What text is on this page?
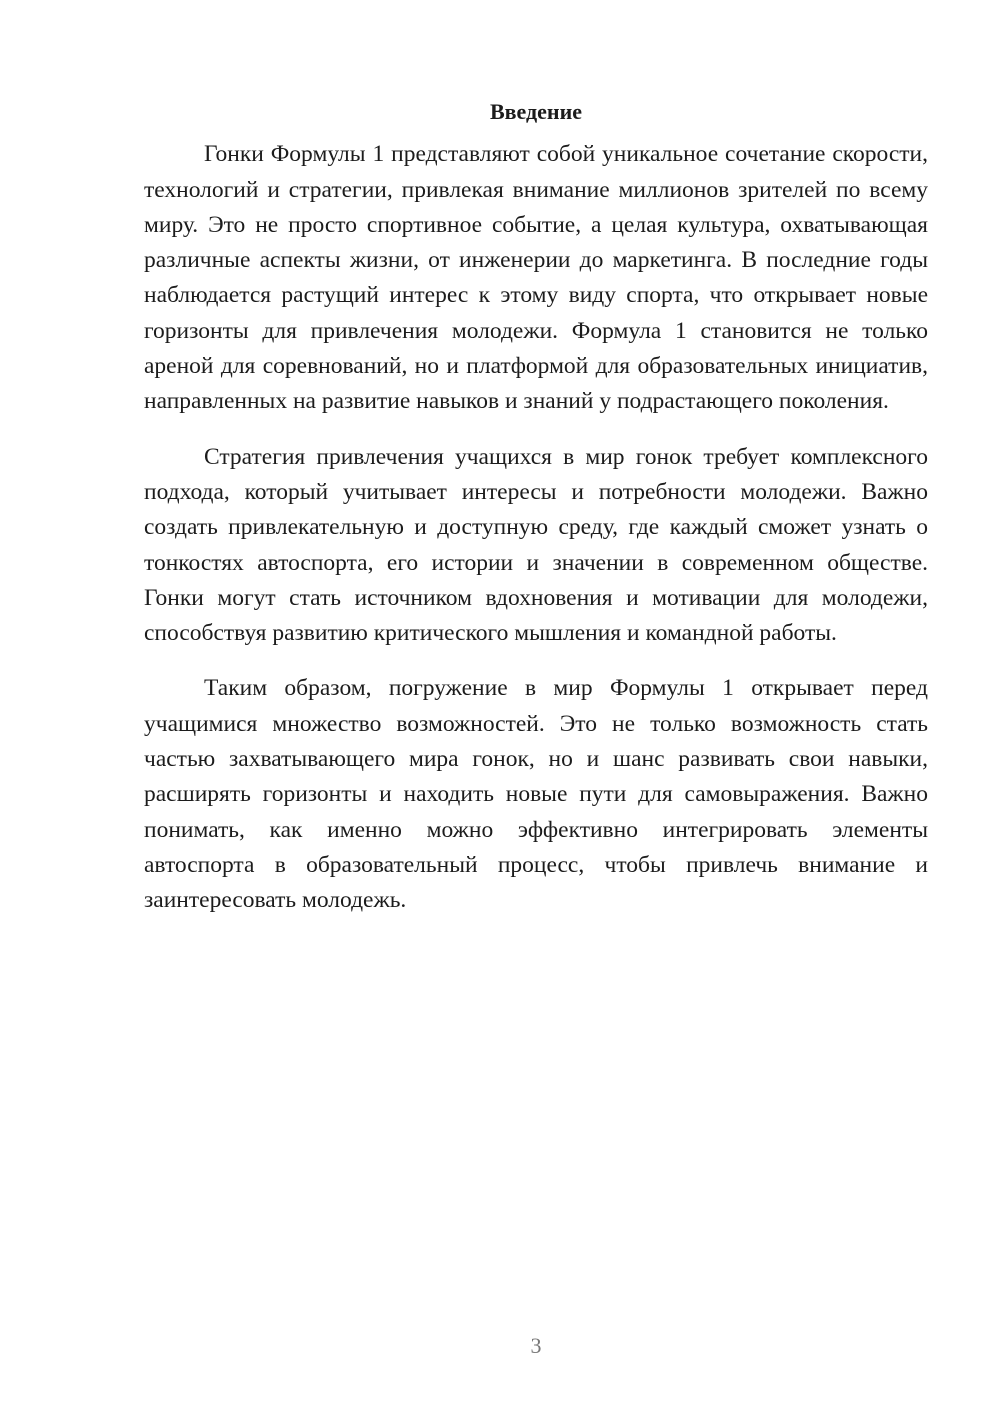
Введение

Гонки Формулы 1 представляют собой уникальное сочетание скорости, технологий и стратегии, привлекая внимание миллионов зрителей по всему миру. Это не просто спортивное событие, а целая культура, охватывающая различные аспекты жизни, от инженерии до маркетинга. В последние годы наблюдается растущий интерес к этому виду спорта, что открывает новые горизонты для привлечения молодежи. Формула 1 становится не только ареной для соревнований, но и платформой для образовательных инициатив, направленных на развитие навыков и знаний у подрастающего поколения.

Стратегия привлечения учащихся в мир гонок требует комплексного подхода, который учитывает интересы и потребности молодежи. Важно создать привлекательную и доступную среду, где каждый сможет узнать о тонкостях автоспорта, его истории и значении в современном обществе. Гонки могут стать источником вдохновения и мотивации для молодежи, способствуя развитию критического мышления и командной работы.

Таким образом, погружение в мир Формулы 1 открывает перед учащимися множество возможностей. Это не только возможность стать частью захватывающего мира гонок, но и шанс развивать свои навыки, расширять горизонты и находить новые пути для самовыражения. Важно понимать, как именно можно эффективно интегрировать элементы автоспорта в образовательный процесс, чтобы привлечь внимание и заинтересовать молодежь.

3
